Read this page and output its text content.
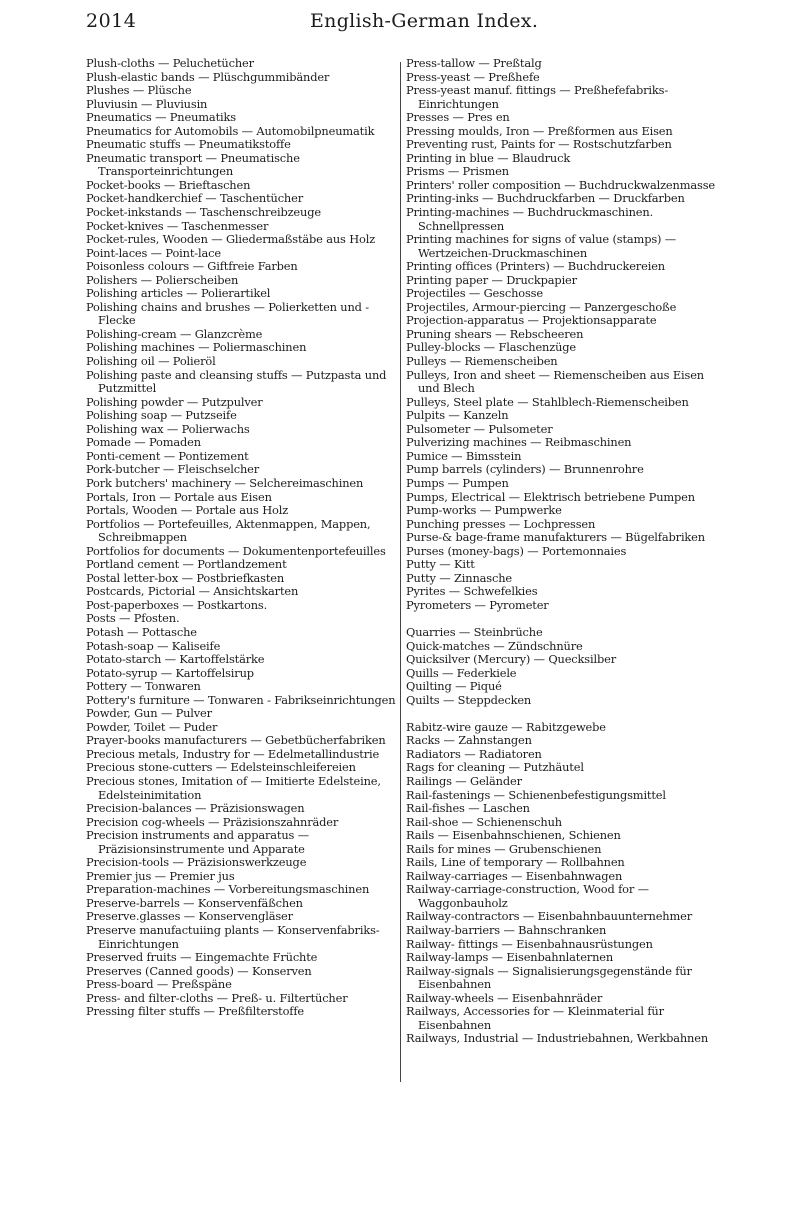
2014	English-German Index.

Plush-cloths — Peluchetücher

Plush-elastic bands — Plüschgummibänder

Plushes — Plüsche

Pluviusin — Pluviusin

Pneumatics — Pneumatiks

Pneumatics for Automobils — Automobilpneumatik

Pneumatic stuffs — Pneumatikstoffe

Pneumatic transport — Pneumatische Transporteinrichtungen

Pocket-books — Brieftaschen

Pocket-handkerchief — Taschentücher

Pocket-inkstands — Taschenschreibzeuge

Pocket-knives — Taschenmesser

Pocket-rules, Wooden — Gliedermaßstäbe aus Holz

Point-laces — Point-lace

Poisonless colours — Giftfreie Farben

Polishers — Polierscheiben

Polishing articles — Polierartikel

Polishing chains and brushes — Polierketten und -Flecke

Polishing-cream — Glanzcrème

Polishing machines — Poliermaschinen

Polishing oil — Polieröl

Polishing paste and cleansing stuffs — Putzpasta und Putzmittel

Polishing powder — Putzpulver

Polishing soap — Putzseife

Polishing wax — Polierwachs

Pomade — Pomaden

Ponti-cement — Pontizement

Pork-butcher — Fleischselcher

Pork butchers' machinery — Selchereimaschinen

Portals, Iron — Portale aus Eisen

Portals, Wooden — Portale aus Holz

Portfolios — Portefeuilles, Aktenmappen, Mappen, Schreibmappen

Portfolios for documents — Dokumentenportefeuilles

Portland cement — Portlandzement

Postal letter-box — Postbriefkasten

Postcards, Pictorial — Ansichtskarten

Post-paperboxes — Postkartons.

Posts — Pfosten.

Potash — Pottasche

Potash-soap — Kaliseife

Potato-starch — Kartoffelstärke

Potato-syrup — Kartoffelsirup

Pottery — Tonwaren

Pottery's furniture — Tonwaren - Fabrikseinrichtungen

Powder, Gun — Pulver

Powder, Toilet — Puder

Prayer-books manufacturers — Gebetbücherfabriken

Precious metals, Industry for — Edelmetallindustrie

Precious stone-cutters — Edelsteinschleifereien

Precious stones, Imitation of — Imitierte Edelsteine, Edelsteinimitation

Precision-balances — Präzisionswagen

Precision cog-wheels — Präzisionszahnräder

Precision instruments and apparatus — Präzisionsinstrumente und Apparate

Precision-tools — Präzisionswerkzeuge

Premier jus — Premier jus

Preparation-machines — Vorbereitungsmaschinen

Preserve-barrels — Konservenfäßchen

Preserve.glasses — Konservengläser

Preserve manufactuiing plants — Konservenfabriks-Einrichtungen

Preserved fruits — Eingemachte Früchte

Preserves (Canned goods) — Konserven

Press-board — Preßspäne

Press- and filter-cloths — Preß- u. Filtertücher

Pressing filter stuffs — Preßfilterstoffe

Press-tallow — Preßtalg

Press-yeast — Preßhefe

Press-yeast manuf. fittings — Preßhefefabriks-Einrichtungen

Presses — Pres en

Pressing moulds, Iron — Preßformen aus Eisen

Preventing rust, Paints for — Rostschutzfarben

Printing in blue — Blaudruck

Prisms — Prismen

Printers' roller composition — Buchdruckwalzenmasse

Printing-inks — Buchdruckfarben — Druckfarben

Printing-machines — Buchdruckmaschinen. Schnellpressen

Printing machines for signs of value (stamps) — Wertzeichen-Druckmaschinen

Printing offices (Printers) — Buchdruckereien

Printing paper — Druckpapier

Projectiles — Geschosse

Projectiles, Armour-piercing — Panzergeschoße

Projection-apparatus — Projektionsapparate

Pruning shears — Rebscheeren

Pulley-blocks — Flaschenzüge

Pulleys — Riemenscheiben

Pulleys, Iron and sheet — Riemenscheiben aus Eisen und Blech

Pulleys, Steel plate — Stahlblech-Riemenscheiben

Pulpits — Kanzeln

Pulsometer — Pulsometer

Pulverizing machines — Reibmaschinen

Pumice — Bimsstein

Pump barrels (cylinders) — Brunnenrohre

Pumps — Pumpen

Pumps, Electrical — Elektrisch betriebene Pumpen

Pump-works — Pumpwerke

Punching presses — Lochpressen

Purse-& bage-frame manufakturers — Bügelfabriken

Purses (money-bags) — Portemonnaies

Putty — Kitt

Putty — Zinnasche

Pyrites — Schwefelkies

Pyrometers — Pyrometer

Quarries — Steinbrüche

Quick-matches — Zündschnüre

Quicksilver (Mercury) — Quecksilber

Quills — Federkiele

Quilting — Piqué

Quilts — Steppdecken

Rabitz-wire gauze — Rabitzgewebe

Racks — Zahnstangen

Radiators — Radiatoren

Rags for cleaning — Putzhäutel

Railings — Geländer

Rail-fastenings — Schienenbefestigungsmittel

Rail-fishes — Laschen

Rail-shoe — Schienenschuh

Rails — Eisenbahnschienen, Schienen

Rails for mines — Grubenschienen

Rails, Line of temporary — Rollbahnen

Railway-carriages — Eisenbahnwagen

Railway-carriage-construction, Wood for — Waggonbauholz

Railway-contractors — Eisenbahnbauunternehmer

Railway-barriers — Bahnschranken

Railway- fittings — Eisenbahnausrüstungen

Railway-lamps — Eisenbahnlaternen

Railway-signals — Signalisierungsgegenstände für Eisenbahnen

Railway-wheels — Eisenbahnräder

Railways, Accessories for — Kleinmaterial für Eisenbahnen

Railways, Industrial — Industriebahnen, Werkbahnen
